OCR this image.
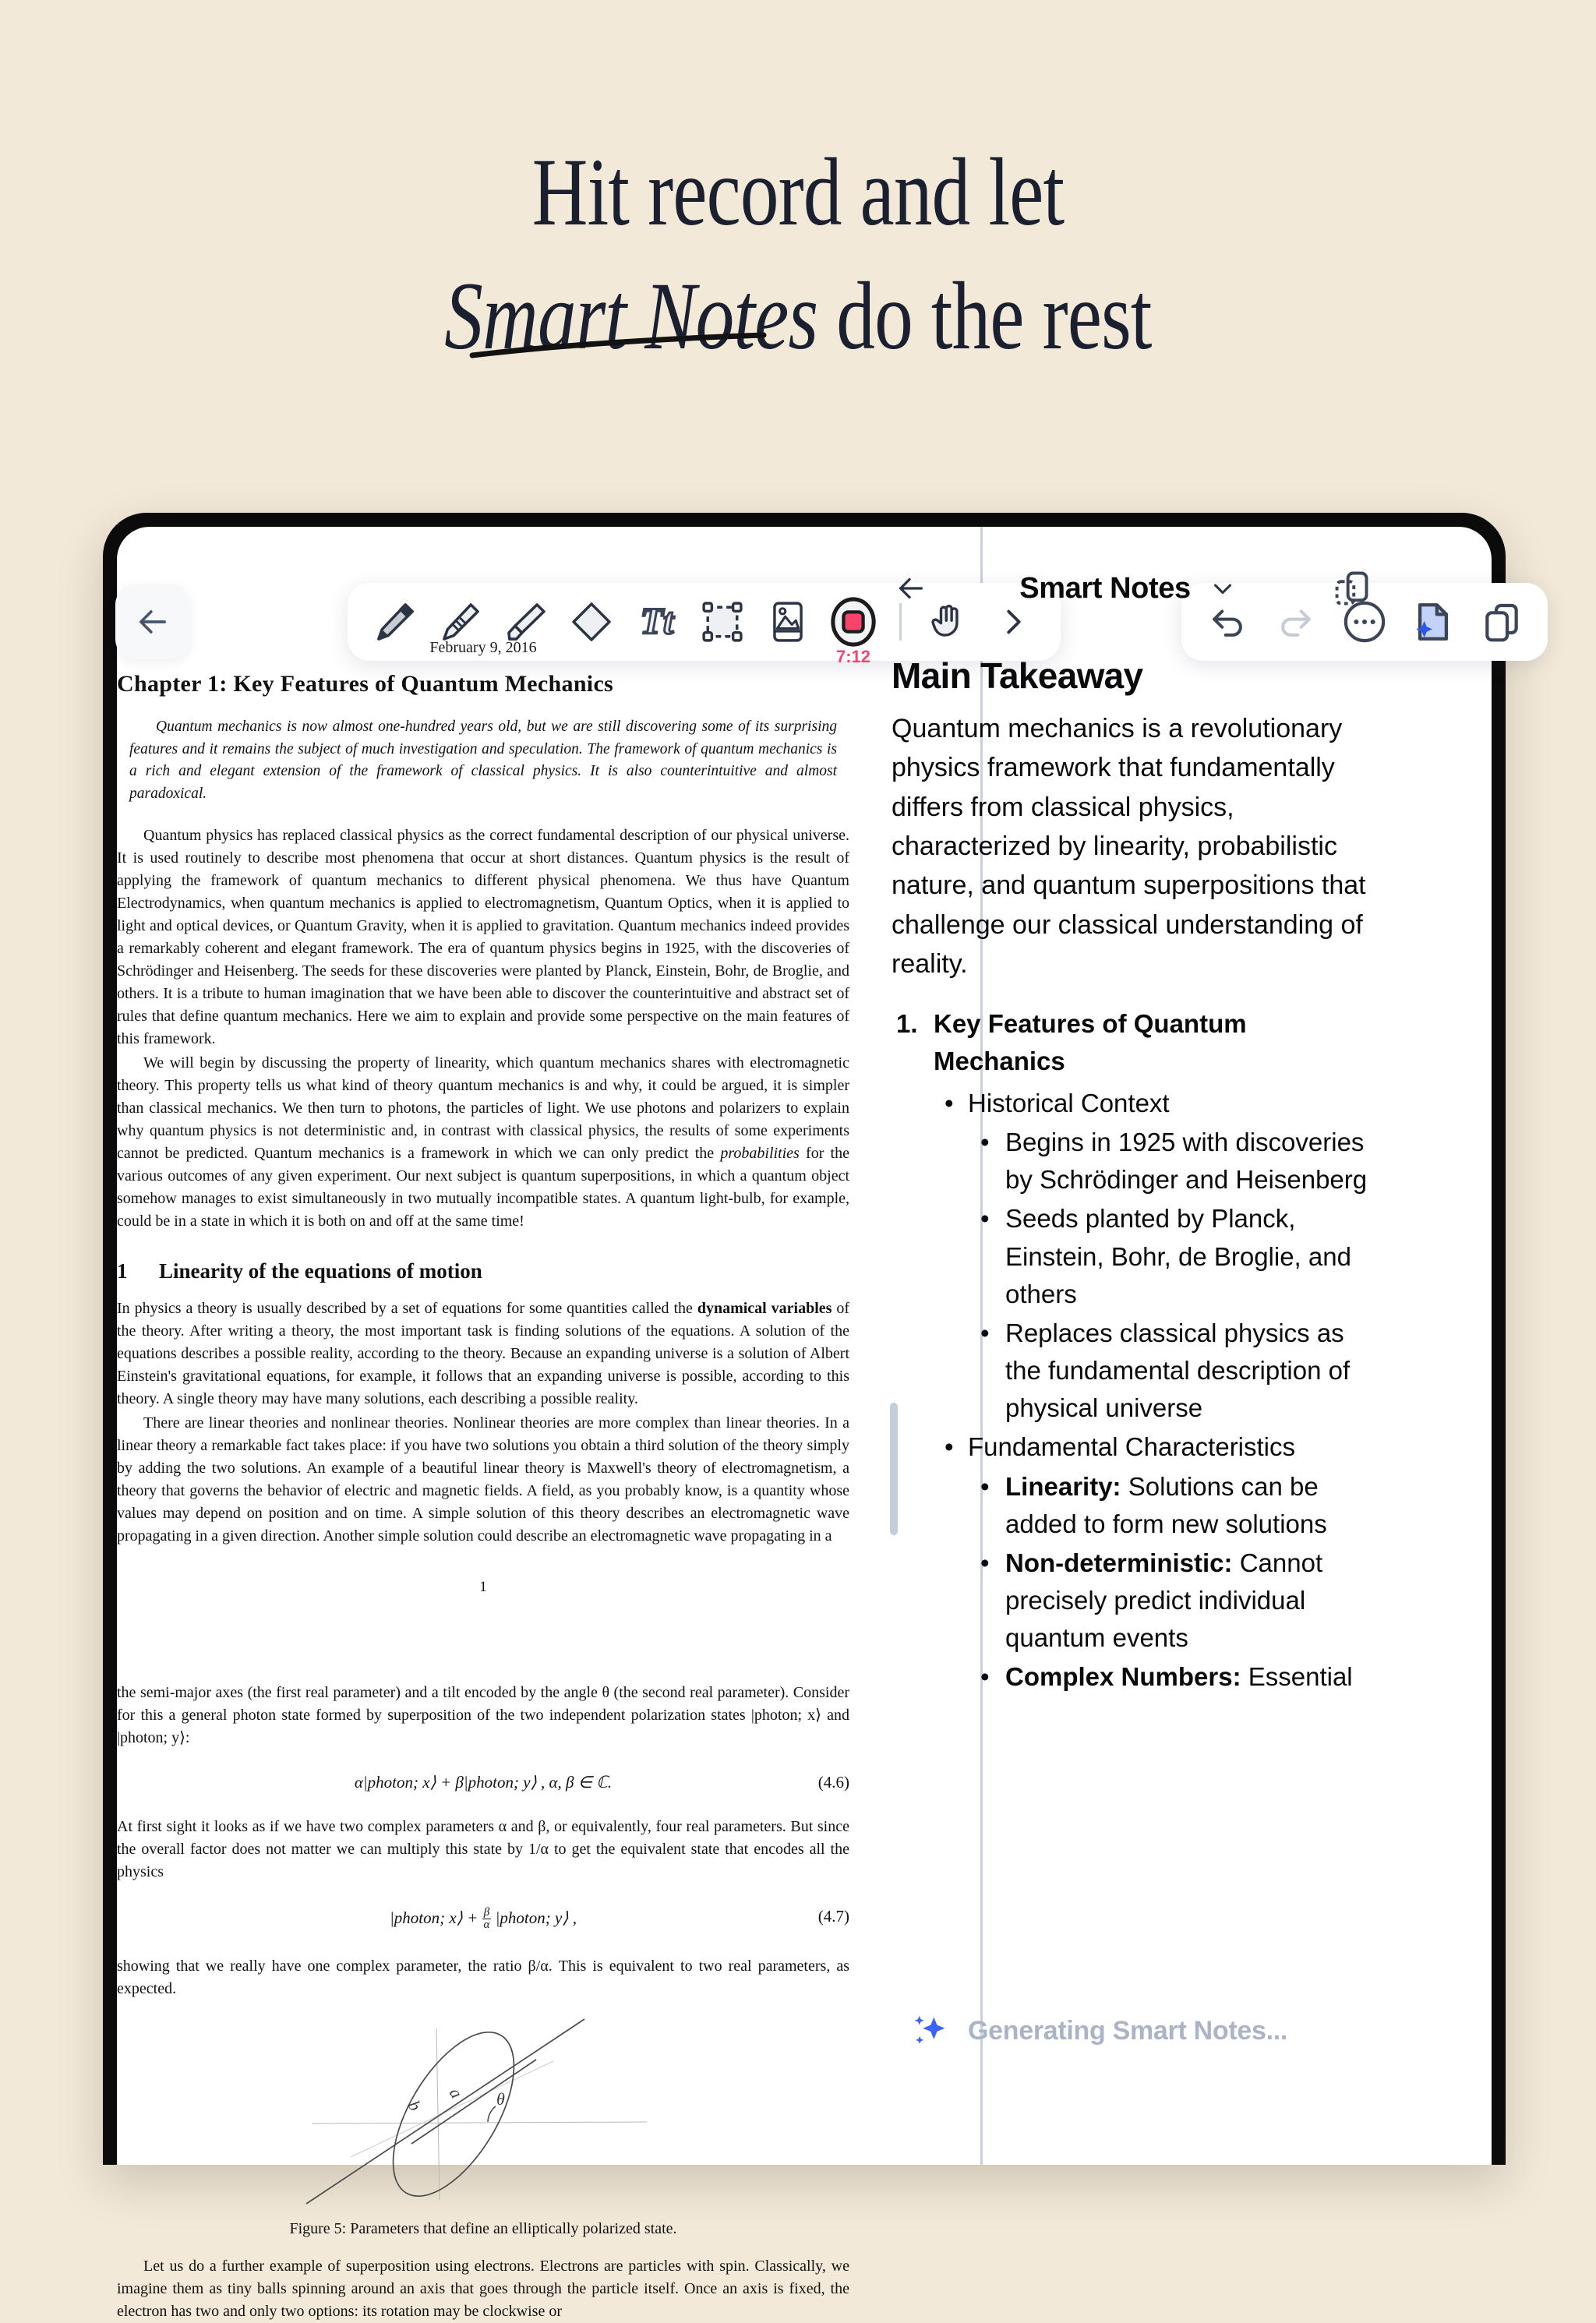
Hit record and let
Smart Notes do the rest
Tt
7:12
February 9, 2016
Chapter 1: Key Features of Quantum Mechanics

Quantum mechanics is now almost one-hundred years old, but we are still discovering some of its surprising features and it remains the subject of much investigation and speculation. The framework of quantum mechanics is a rich and elegant extension of the framework of classical physics. It is also counterintuitive and almost paradoxical.

Quantum physics has replaced classical physics as the correct fundamental description of our physical universe. It is used routinely to describe most phenomena that occur at short distances. Quantum physics is the result of applying the framework of quantum mechanics to different physical phenomena. We thus have Quantum Electrodynamics, when quantum mechanics is applied to electromagnetism, Quantum Optics, when it is applied to light and optical devices, or Quantum Gravity, when it is applied to gravitation. Quantum mechanics indeed provides a remarkably coherent and elegant framework. The era of quantum physics begins in 1925, with the discoveries of Schrödinger and Heisenberg. The seeds for these discoveries were planted by Planck, Einstein, Bohr, de Broglie, and others. It is a tribute to human imagination that we have been able to discover the counterintuitive and abstract set of rules that define quantum mechanics. Here we aim to explain and provide some perspective on the main features of this framework.

We will begin by discussing the property of linearity, which quantum mechanics shares with electromagnetic theory. This property tells us what kind of theory quantum mechanics is and why, it could be argued, it is simpler than classical mechanics. We then turn to photons, the particles of light. We use photons and polarizers to explain why quantum physics is not deterministic and, in contrast with classical physics, the results of some experiments cannot be predicted. Quantum mechanics is a framework in which we can only predict the probabilities for the various outcomes of any given experiment. Our next subject is quantum superpositions, in which a quantum object somehow manages to exist simultaneously in two mutually incompatible states. A quantum light-bulb, for example, could be in a state in which it is both on and off at the same time!

1 Linearity of the equations of motion

In physics a theory is usually described by a set of equations for some quantities called the dynamical variables of the theory. After writing a theory, the most important task is finding solutions of the equations. A solution of the equations describes a possible reality, according to the theory. Because an expanding universe is a solution of Albert Einstein's gravitational equations, for example, it follows that an expanding universe is possible, according to this theory. A single theory may have many solutions, each describing a possible reality.

There are linear theories and nonlinear theories. Nonlinear theories are more complex than linear theories. In a linear theory a remarkable fact takes place: if you have two solutions you obtain a third solution of the theory simply by adding the two solutions. An example of a beautiful linear theory is Maxwell's theory of electromagnetism, a theory that governs the behavior of electric and magnetic fields. A field, as you probably know, is a quantity whose values may depend on position and on time. A simple solution of this theory describes an electromagnetic wave propagating in a given direction. Another simple solution could describe an electromagnetic wave propagating in a

1

the semi-major axes (the first real parameter) and a tilt encoded by the angle θ (the second real parameter). Consider for this a general photon state formed by superposition of the two independent polarization states |photon; x⟩ and |photon; y⟩:

α|photon; x⟩ + β|photon; y⟩ , α, β ∈ ℂ.	(4.6)

At first sight it looks as if we have two complex parameters α and β, or equivalently, four real parameters. But since the overall factor does not matter we can multiply this state by 1/α to get the equivalent state that encodes all the physics

|photon; x⟩ + $\frac{\beta}{\alpha}$ |photon; y⟩ ,	(4.7)

showing that we really have one complex parameter, the ratio β/α. This is equivalent to two real parameters, as expected.

b
a θ
Figure 5: Parameters that define an elliptically polarized state.

Let us do a further example of superposition using electrons. Electrons are particles with spin. Classically, we imagine them as tiny balls spinning around an axis that goes through the particle itself. Once an axis is fixed, the electron has two and only two options: its rotation may be clockwise or

Smart Notes
Main Takeaway
Quantum mechanics is a revolutionary physics framework that fundamentally differs from classical physics, characterized by linearity, probabilistic nature, and quantum superpositions that challenge our classical understanding of reality.
1. Key Features of Quantum Mechanics
• Historical Context
• Begins in 1925 with discoveries by Schrödinger and Heisenberg
• Seeds planted by Planck, Einstein, Bohr, de Broglie, and others
• Replaces classical physics as the fundamental description of physical universe
• Fundamental Characteristics
• Linearity: Solutions can be added to form new solutions
• Non-deterministic: Cannot precisely predict individual quantum events
• Complex Numbers: Essential
Generating Smart Notes...
